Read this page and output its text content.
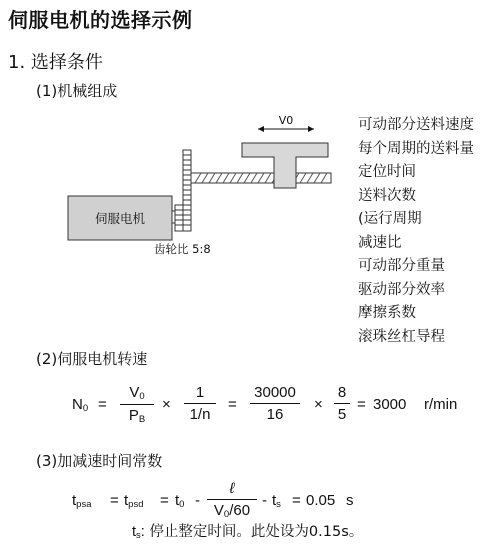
伺服电机的选择示例
1. 选择条件
(1)机械组成
伺服电机
V0
齿轮比 5:8
可动部分送料速度
每个周期的送料量
定位时间
送料次数
(运行周期
减速比
可动部分重量
驱动部分效率
摩擦系数
滚珠丝杠导程
(2)伺服电机转速
$N_0$ =
$V_0$
$P_B$
×
1
1/n
=
30000
16
×
8
5
= 3000 r/min
(3)加减速时间常数
$t_{psa} = t_{psd} = t_0$ -
ℓ
$V_0/60$
- $t_s = 0.05$ s
$t_s$: 停止整定时间。此处设为0.15s。
